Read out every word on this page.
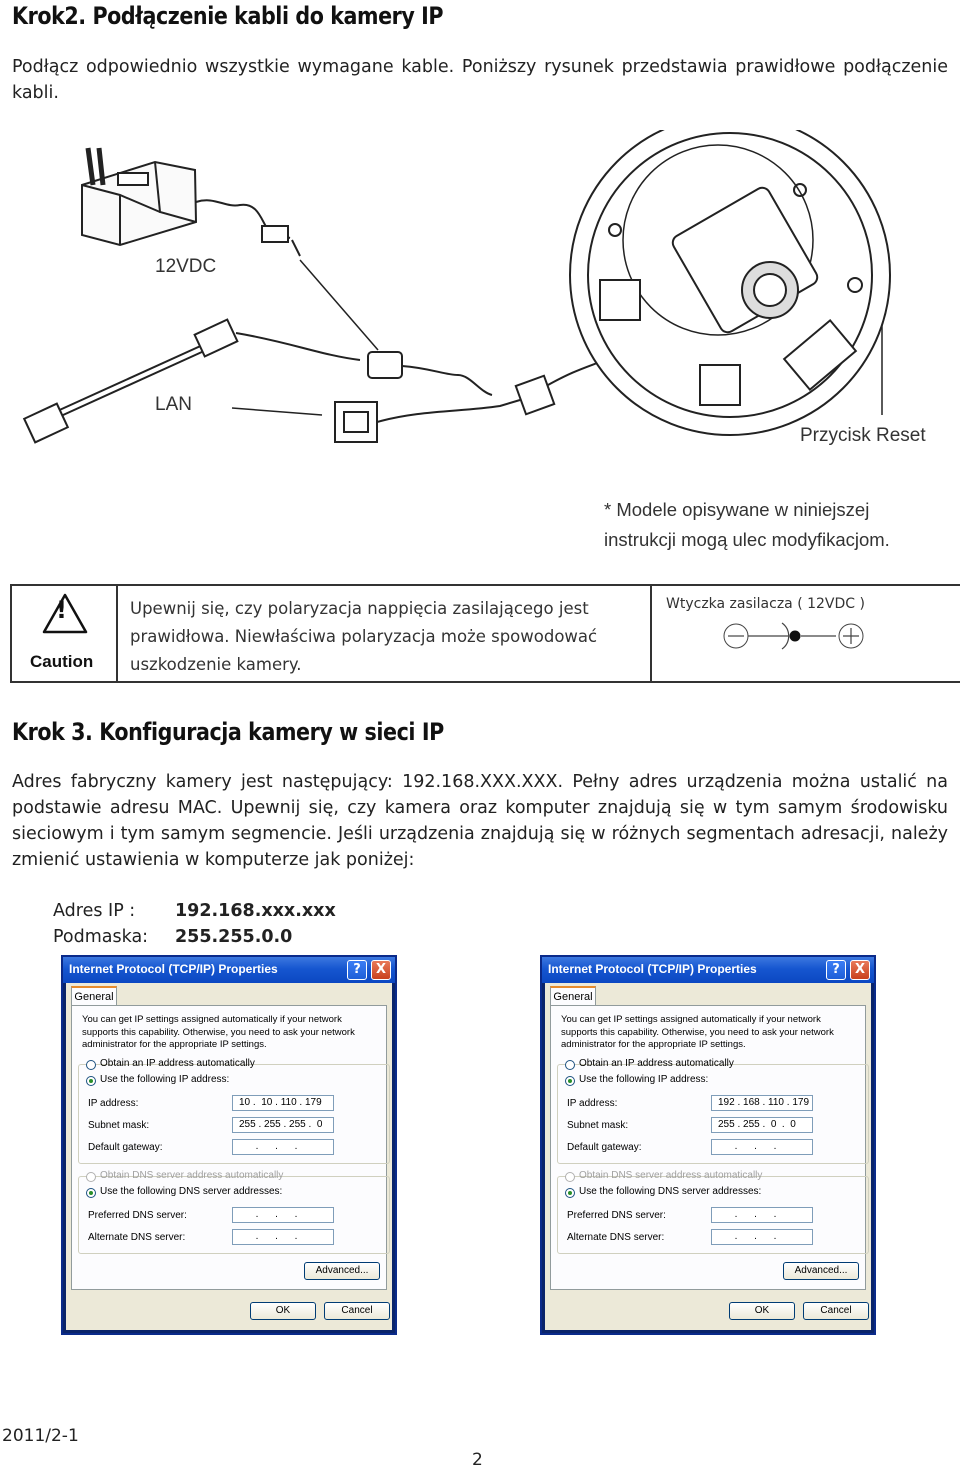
Krok2. Podłączenie kabli do kamery IP
Podłącz odpowiednio wszystkie wymagane kable. Poniższy rysunek przedstawia prawidłowe podłączenie kabli.
12VDC
LAN
Przycisk Reset
* Modele opisywane w niniejszej
instrukcji mogą ulec modyfikacjom.
!
Caution
Upewnij się, czy polaryzacja nappięcia zasilającego jest
prawidłowa. Niewłaściwa polaryzacja może spowodować
uszkodzenie kamery.
Wtyczka zasilacza ( 12VDC )
Krok 3. Konfiguracja kamery w sieci IP
Adres fabryczny kamery jest następujący: 192.168.XXX.XXX. Pełny adres urządzenia można ustalić na podstawie adresu MAC. Upewnij się, czy kamera oraz komputer znajdują się w tym samym środowisku sieciowym i tym samym segmencie. Jeśli urządzenia znajdują się w różnych segmentach adresacji, należy zmienić ustawienia w komputerze jak poniżej:
Adres IP : 192.168.xxx.xxx
Podmaska: 255.255.0.0
Internet Protocol (TCP/IP) Properties	?	X
General
You can get IP settings assigned automatically if your network supports this capability. Otherwise, you need to ask your network administrator for the appropriate IP settings.
Obtain an IP address automatically
Use the following IP address:
IP address:	10 .  10 . 110 . 179
Subnet mask:	255 . 255 . 255 .  0
Default gateway:	.      .      .
Obtain DNS server address automatically
Use the following DNS server addresses:
Preferred DNS server:	.      .      .
Alternate DNS server:	.      .      .
Advanced...
OK	Cancel
Internet Protocol (TCP/IP) Properties	?	X
General
You can get IP settings assigned automatically if your network supports this capability. Otherwise, you need to ask your network administrator for the appropriate IP settings.
Obtain an IP address automatically
Use the following IP address:
IP address:	192 . 168 . 110 . 179
Subnet mask:	255 . 255 .  0  .  0
Default gateway:	.      .      .
Obtain DNS server address automatically
Use the following DNS server addresses:
Preferred DNS server:	.      .      .
Alternate DNS server:	.      .      .
Advanced...
OK	Cancel
2011/2-1
2
